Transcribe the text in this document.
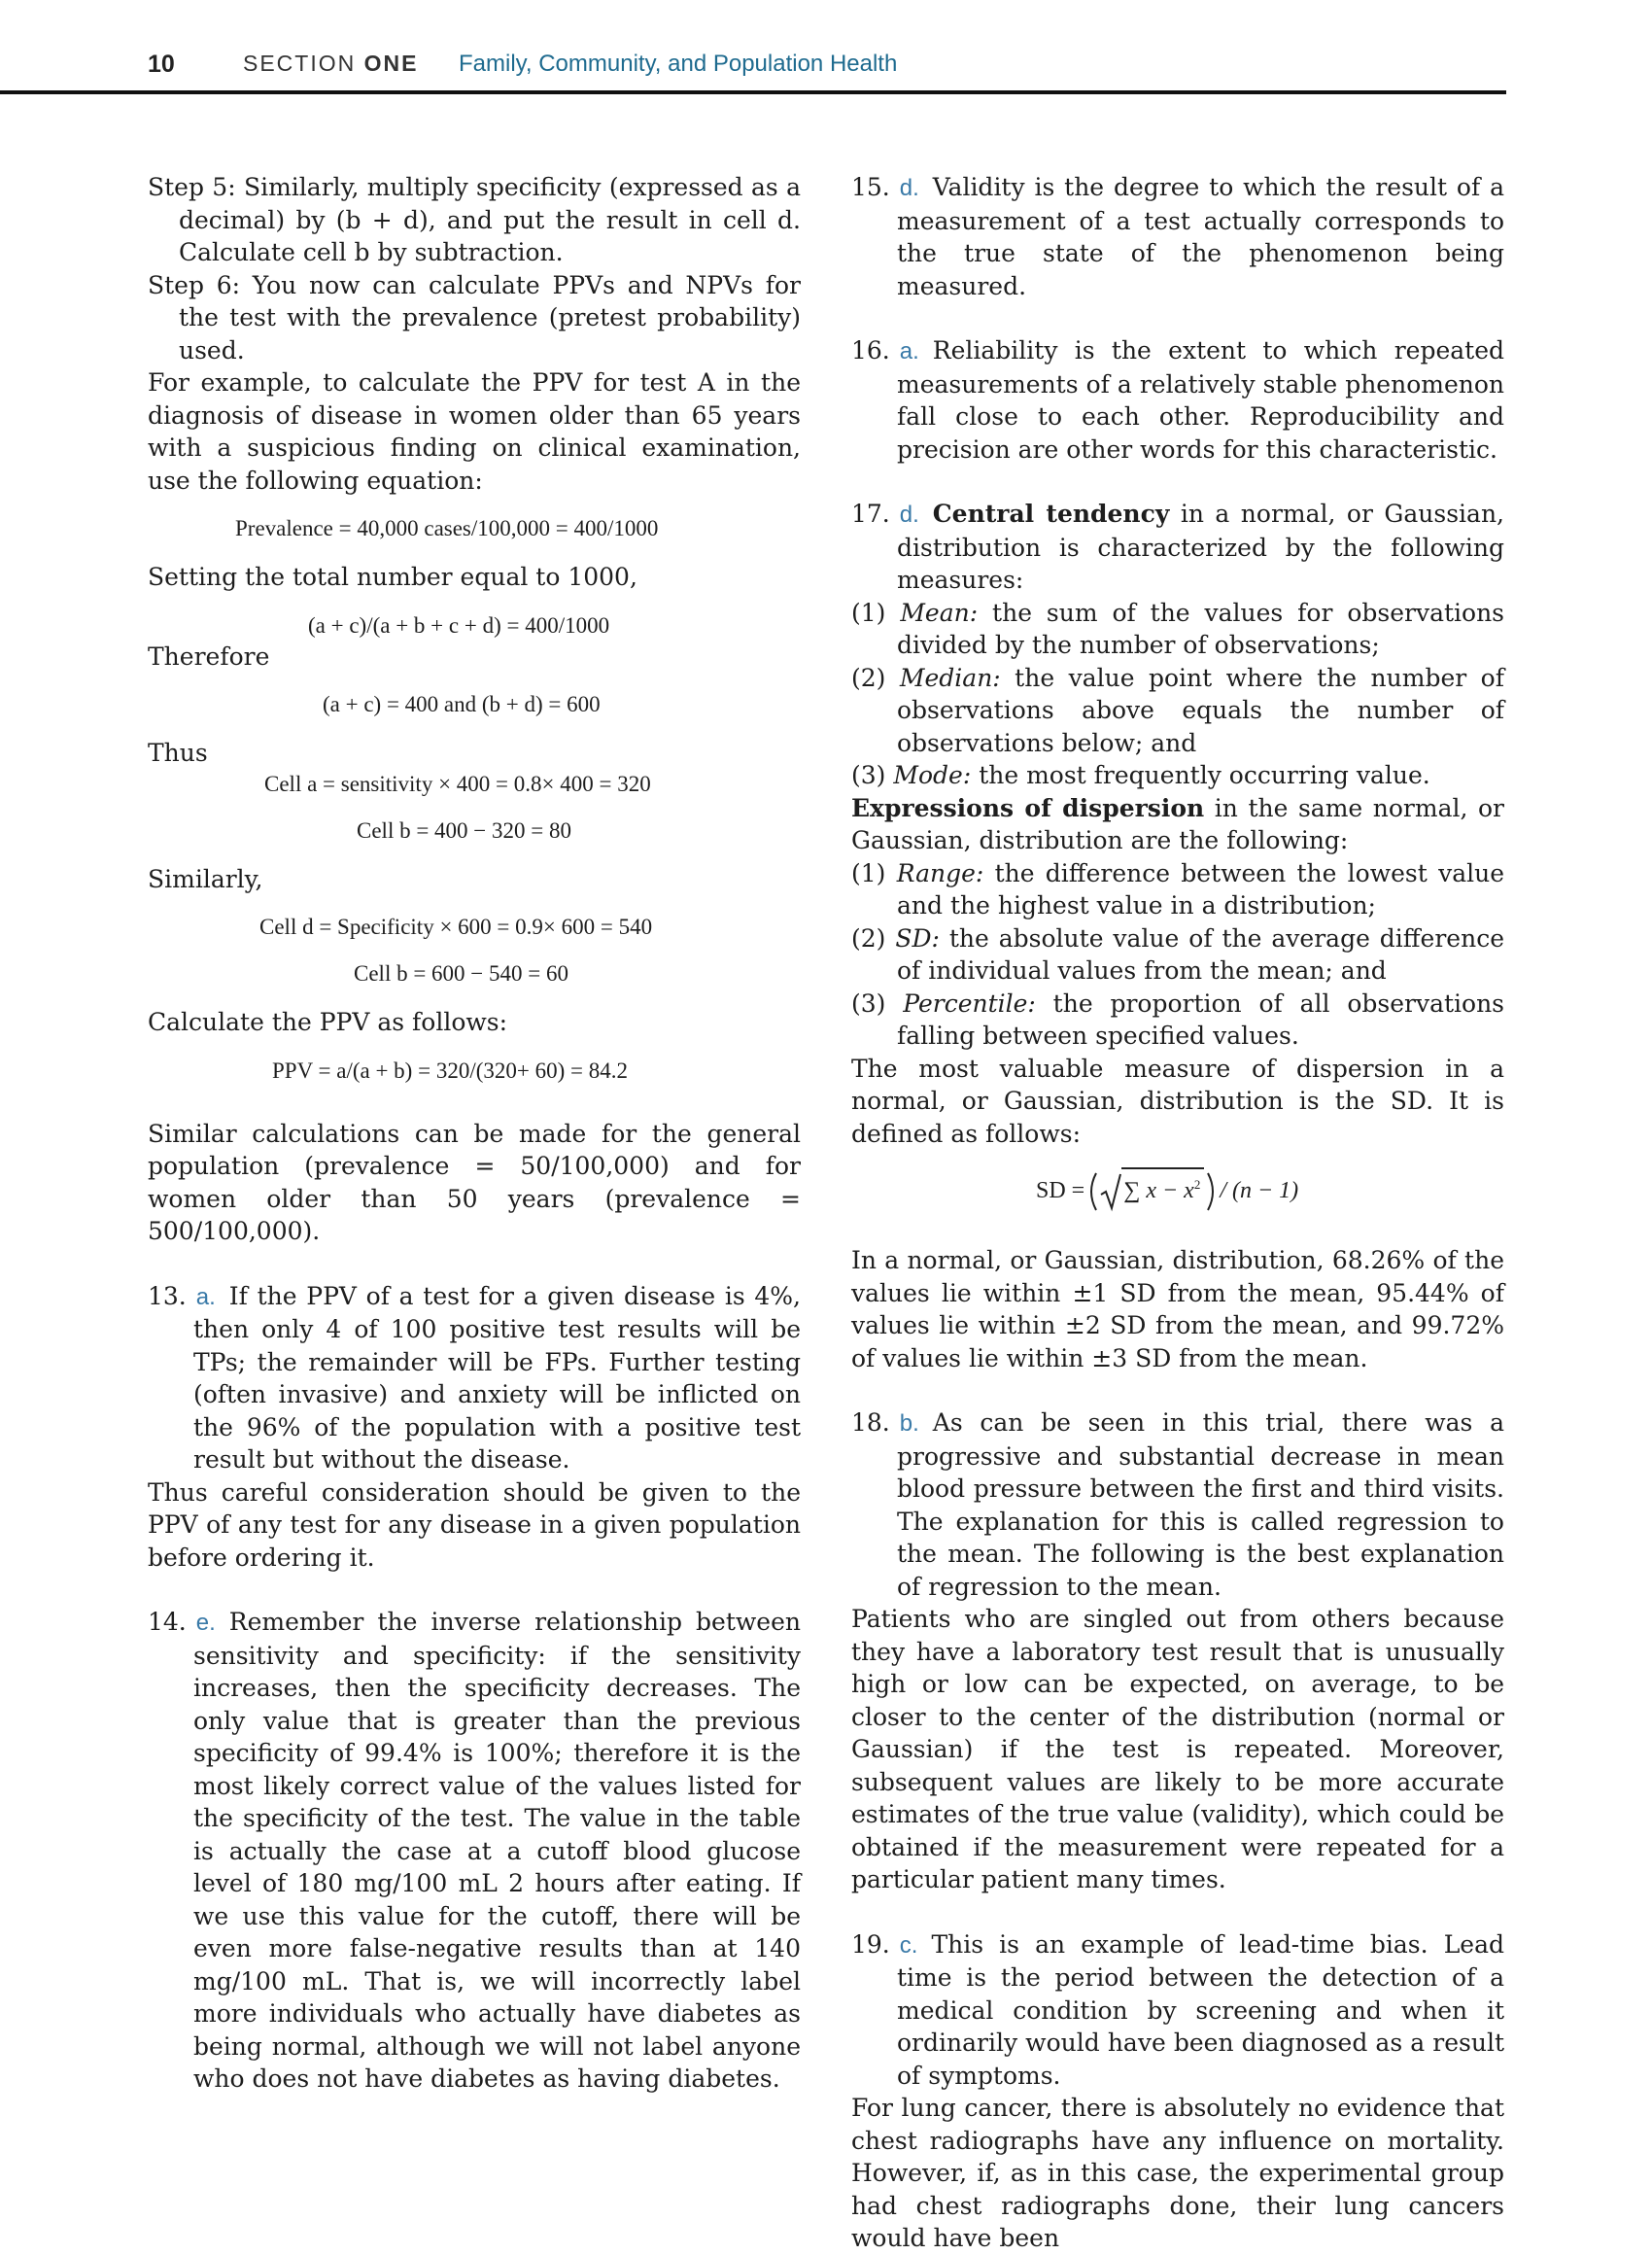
10	SECTION ONE Family, Community, and Population Health

Step 5: Similarly, multiply specificity (expressed as a decimal) by (b + d), and put the result in cell d. Calculate cell b by subtraction.

Step 6: You now can calculate PPVs and NPVs for the test with the prevalence (pretest probability) used.

For example, to calculate the PPV for test A in the diagnosis of disease in women older than 65 years with a suspicious finding on clinical examination, use the following equation:

Prevalence = 40,000 cases/100,000 = 400/1000

Setting the total number equal to 1000,

(a + c)/(a + b + c + d) = 400/1000

Therefore

(a + c) = 400 and (b + d) = 600

Thus

Cell a = sensitivity × 400 = 0.8× 400 = 320

Cell b = 400 − 320 = 80

Similarly,

Cell d = Specificity × 600 = 0.9× 600 = 540

Cell b = 600 − 540 = 60

Calculate the PPV as follows:

PPV = a/(a + b) = 320/(320+ 60) = 84.2

Similar calculations can be made for the general population (prevalence = 50/100,000) and for women older than 50 years (prevalence = 500/100,000).

13. a. If the PPV of a test for a given disease is 4%, then only 4 of 100 positive test results will be TPs; the remainder will be FPs. Further testing (often invasive) and anxiety will be inflicted on the 96% of the population with a positive test result but without the disease.

Thus careful consideration should be given to the PPV of any test for any disease in a given population before ordering it.

14. e. Remember the inverse relationship between sensitivity and specificity: if the sensitivity increases, then the specificity decreases. The only value that is greater than the previous specificity of 99.4% is 100%; therefore it is the most likely correct value of the values listed for the specificity of the test. The value in the table is actually the case at a cutoff blood glucose level of 180 mg/100 mL 2 hours after eating. If we use this value for the cutoff, there will be even more false-negative results than at 140 mg/100 mL. That is, we will incorrectly label more individuals who actually have diabetes as being normal, although we will not label anyone who does not have diabetes as having diabetes.

15. d. Validity is the degree to which the result of a measurement of a test actually corresponds to the true state of the phenomenon being measured.

16. a. Reliability is the extent to which repeated measurements of a relatively stable phenomenon fall close to each other. Reproducibility and precision are other words for this characteristic.

17. d. Central tendency in a normal, or Gaussian, distribution is characterized by the following measures:

(1) Mean: the sum of the values for observations divided by the number of observations;

(2) Median: the value point where the number of observations above equals the number of observations below; and

(3) Mode: the most frequently occurring value.

Expressions of dispersion in the same normal, or Gaussian, distribution are the following:

(1) Range: the difference between the lowest value and the highest value in a distribution;

(2) SD: the absolute value of the average difference of individual values from the mean; and

(3) Percentile: the proportion of all observations falling between specified values.

The most valuable measure of dispersion in a normal, or Gaussian, distribution is the SD. It is defined as follows:

SD = ∑ $x - x^2 / (n - 1)$

In a normal, or Gaussian, distribution, 68.26% of the values lie within ±1 SD from the mean, 95.44% of values lie within ±2 SD from the mean, and 99.72% of values lie within ±3 SD from the mean.

18. b. As can be seen in this trial, there was a progressive and substantial decrease in mean blood pressure between the first and third visits. The explanation for this is called regression to the mean. The following is the best explanation of regression to the mean.

Patients who are singled out from others because they have a laboratory test result that is unusually high or low can be expected, on average, to be closer to the center of the distribution (normal or Gaussian) if the test is repeated. Moreover, subsequent values are likely to be more accurate estimates of the true value (validity), which could be obtained if the measurement were repeated for a particular patient many times.

19. c. This is an example of lead-time bias. Lead time is the period between the detection of a medical condition by screening and when it ordinarily would have been diagnosed as a result of symptoms.

For lung cancer, there is absolutely no evidence that chest radiographs have any influence on mortality. However, if, as in this case, the experimental group had chest radiographs done, their lung cancers would have been
